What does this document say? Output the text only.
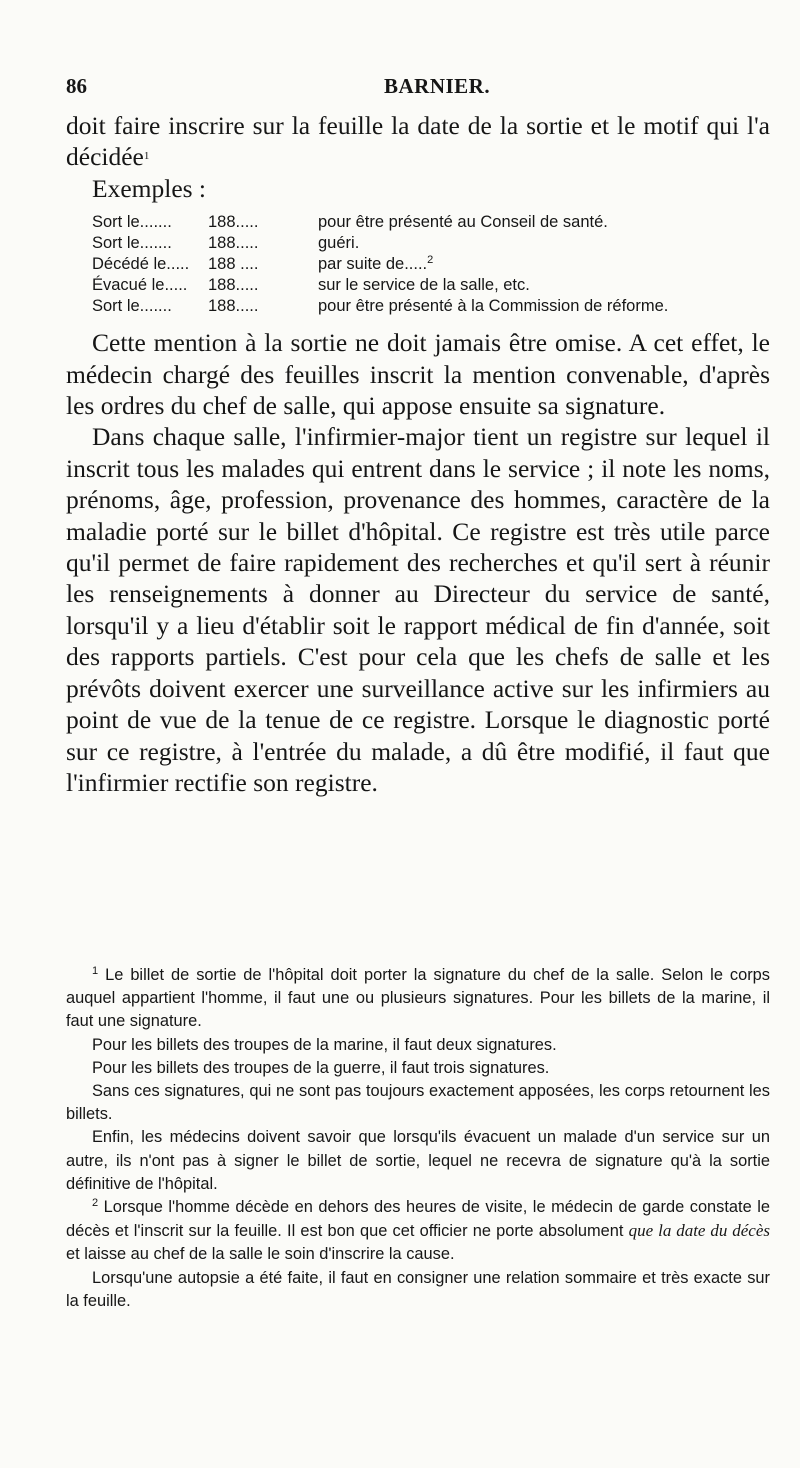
86	BARNIER.

doit faire inscrire sur la feuille la date de la sortie et le motif qui l'a décidée$^1$

Exemples :

Sort le.......	188.....	pour être présenté au Conseil de santé.
Sort le.......	188.....	guéri.
Décédé le.....	188 ....	par suite de.....$^2$
Évacué le.....	188.....	sur le service de la salle, etc.
Sort le.......	188.....	pour être présenté à la Commission de réforme.

Cette mention à la sortie ne doit jamais être omise. A cet effet, le médecin chargé des feuilles inscrit la mention convenable, d'après les ordres du chef de salle, qui appose ensuite sa signature.

Dans chaque salle, l'infirmier-major tient un registre sur lequel il inscrit tous les malades qui entrent dans le service ; il note les noms, prénoms, âge, profession, provenance des hommes, caractère de la maladie porté sur le billet d'hôpital. Ce registre est très utile parce qu'il permet de faire rapidement des recherches et qu'il sert à réunir les renseignements à donner au Directeur du service de santé, lorsqu'il y a lieu d'établir soit le rapport médical de fin d'année, soit des rapports partiels. C'est pour cela que les chefs de salle et les prévôts doivent exercer une surveillance active sur les infirmiers au point de vue de la tenue de ce registre. Lorsque le diagnostic porté sur ce registre, à l'entrée du malade, a dû être modifié, il faut que l'infirmier rectifie son registre.

$^1$ Le billet de sortie de l'hôpital doit porter la signature du chef de la salle. Selon le corps auquel appartient l'homme, il faut une ou plusieurs signatures. Pour les billets de la marine, il faut une signature.

Pour les billets des troupes de la marine, il faut deux signatures.

Pour les billets des troupes de la guerre, il faut trois signatures.

Sans ces signatures, qui ne sont pas toujours exactement apposées, les corps retournent les billets.

Enfin, les médecins doivent savoir que lorsqu'ils évacuent un malade d'un service sur un autre, ils n'ont pas à signer le billet de sortie, lequel ne recevra de signature qu'à la sortie définitive de l'hôpital.

$^2$ Lorsque l'homme décède en dehors des heures de visite, le médecin de garde constate le décès et l'inscrit sur la feuille. Il est bon que cet officier ne porte absolument que la date du décès et laisse au chef de la salle le soin d'inscrire la cause.

Lorsqu'une autopsie a été faite, il faut en consigner une relation sommaire et très exacte sur la feuille.
